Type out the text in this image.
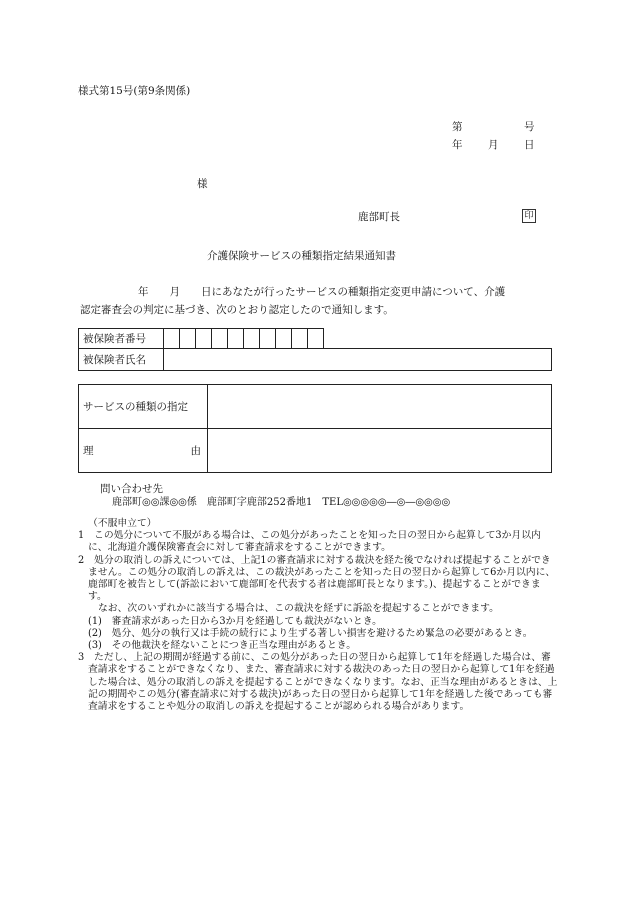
様式第15号(第9条関係)
第	号
年 月 日
様
鹿部町長	印
介護保険サービスの種類指定結果通知書
年　　月　　日にあなたが行ったサービスの種類指定変更申請について、介護
認定審査会の判定に基づき、次のとおり認定したので通知します。
被保険者番号											
被保険者氏名											
サービスの種類の指定	
理 由	

問い合わせ先
鹿部町◎◎課◎◎係　鹿部町字鹿部252番地1　TEL◎◎◎◎◎―◎―◎◎◎◎

（不服申立て）

1　この処分について不服がある場合は、この処分があったことを知った日の翌日から起算して3か月以内に、北海道介護保険審査会に対して審査請求をすることができます。

2　処分の取消しの訴えについては、上記1の審査請求に対する裁決を経た後でなければ提起することができません。この処分の取消しの訴えは、この裁決があったことを知った日の翌日から起算して6か月以内に、鹿部町を被告として(訴訟において鹿部町を代表する者は鹿部町長となります。)、提起することができます。

なお、次のいずれかに該当する場合は、この裁決を経ずに訴訟を提起することができます。

(1)　審査請求があった日から3か月を経過しても裁決がないとき。

(2)　処分、処分の執行又は手続の続行により生ずる著しい損害を避けるため緊急の必要があるとき。

(3)　その他裁決を経ないことにつき正当な理由があるとき。

3　ただし、上記の期間が経過する前に、この処分があった日の翌日から起算して1年を経過した場合は、審査請求をすることができなくなり、また、審査請求に対する裁決のあった日の翌日から起算して1年を経過した場合は、処分の取消しの訴えを提起することができなくなります。なお、正当な理由があるときは、上記の期間やこの処分(審査請求に対する裁決)があった日の翌日から起算して1年を経過した後であっても審査請求をすることや処分の取消しの訴えを提起することが認められる場合があります。
